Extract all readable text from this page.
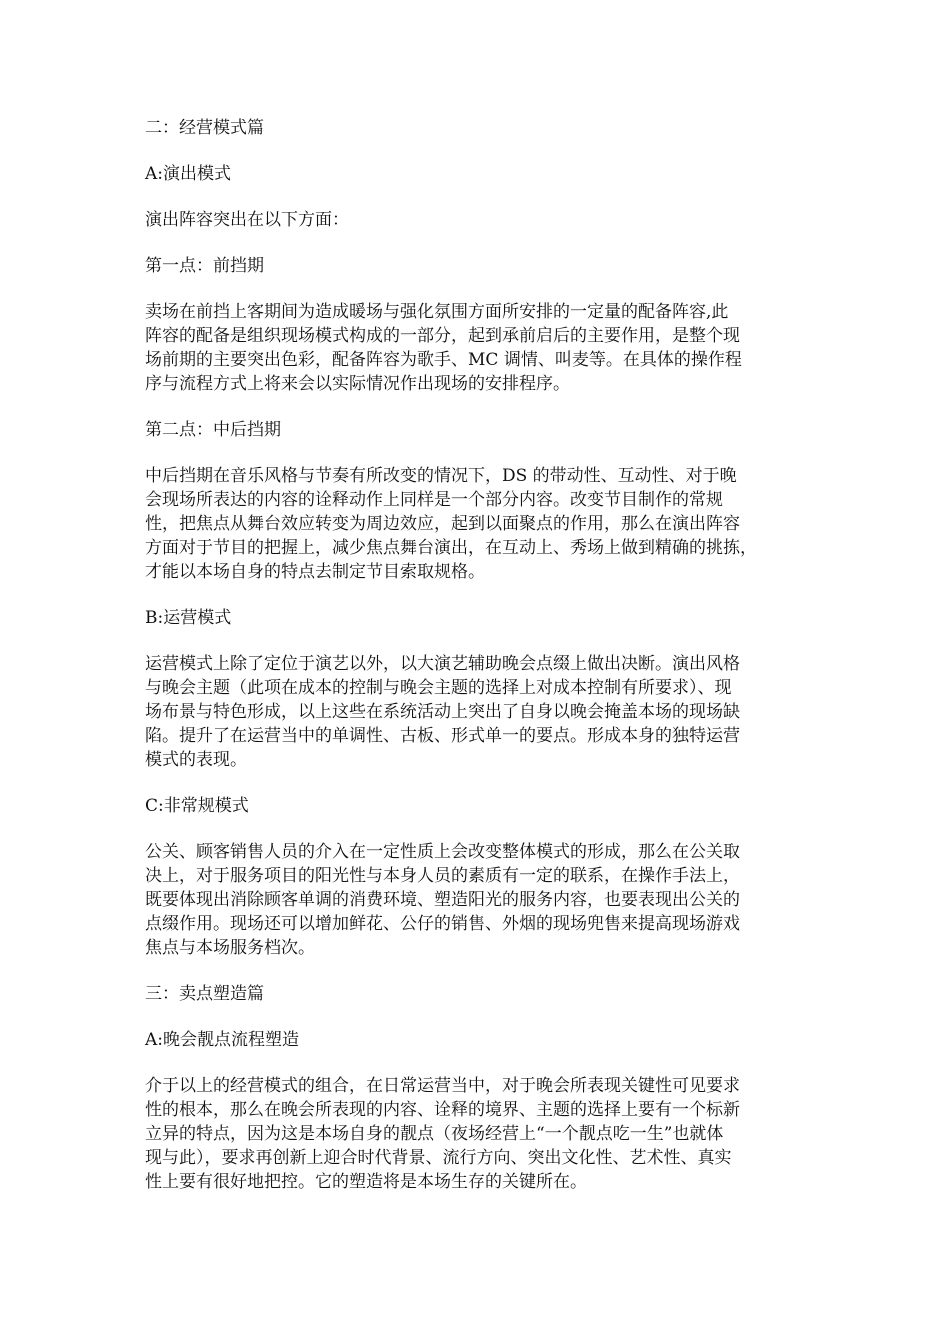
二：经营模式篇

A:演出模式

演出阵容突出在以下方面：

第一点：前挡期

卖场在前挡上客期间为造成暖场与强化氛围方面所安排的一定量的配备阵容,此
阵容的配备是组织现场模式构成的一部分，起到承前启后的主要作用，是整个现
场前期的主要突出色彩，配备阵容为歌手、MC 调情、叫麦等。在具体的操作程
序与流程方式上将来会以实际情况作出现场的安排程序。

第二点：中后挡期

中后挡期在音乐风格与节奏有所改变的情况下，DS 的带动性、互动性、对于晚
会现场所表达的内容的诠释动作上同样是一个部分内容。改变节目制作的常规
性，把焦点从舞台效应转变为周边效应，起到以面聚点的作用，那么在演出阵容
方面对于节目的把握上，减少焦点舞台演出，在互动上、秀场上做到精确的挑拣，
才能以本场自身的特点去制定节目索取规格。

B:运营模式

运营模式上除了定位于演艺以外，以大演艺辅助晚会点缀上做出决断。演出风格
与晚会主题（此项在成本的控制与晚会主题的选择上对成本控制有所要求）、现
场布景与特色形成，以上这些在系统活动上突出了自身以晚会掩盖本场的现场缺
陷。提升了在运营当中的单调性、古板、形式单一的要点。形成本身的独特运营
模式的表现。

C:非常规模式

公关、顾客销售人员的介入在一定性质上会改变整体模式的形成，那么在公关取
决上，对于服务项目的阳光性与本身人员的素质有一定的联系，在操作手法上，
既要体现出消除顾客单调的消费环境、塑造阳光的服务内容，也要表现出公关的
点缀作用。现场还可以增加鲜花、公仔的销售、外烟的现场兜售来提高现场游戏
焦点与本场服务档次。

三：卖点塑造篇

A:晚会靓点流程塑造

介于以上的经营模式的组合，在日常运营当中，对于晚会所表现关键性可见要求
性的根本，那么在晚会所表现的内容、诠释的境界、主题的选择上要有一个标新
立异的特点，因为这是本场自身的靓点（夜场经营上“一个靓点吃一生”也就体
现与此），要求再创新上迎合时代背景、流行方向、突出文化性、艺术性、真实
性上要有很好地把控。它的塑造将是本场生存的关键所在。
